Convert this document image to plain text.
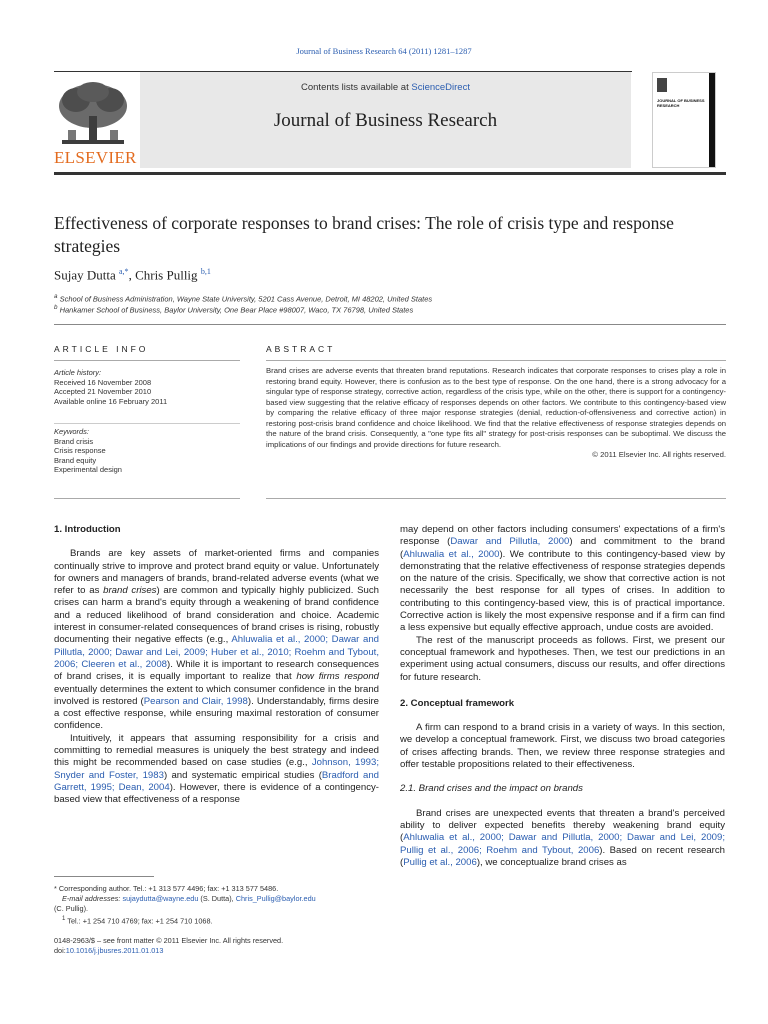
Journal of Business Research 64 (2011) 1281–1287
ELSEVIER
Contents lists available at ScienceDirect
Journal of Business Research
JOURNAL OF BUSINESS RESEARCH
Effectiveness of corporate responses to brand crises: The role of crisis type and response strategies
Sujay Dutta $^{a,*}$, Chris Pullig $^{b,1}$
$^a$ School of Business Administration, Wayne State University, 5201 Cass Avenue, Detroit, MI 48202, United States
$^b$ Hankamer School of Business, Baylor University, One Bear Place #98007, Waco, TX 76798, United States
ARTICLE INFO	ABSTRACT
Article history:
Received 16 November 2008
Accepted 21 November 2010
Available online 16 February 2011
Keywords:
Brand crisis
Crisis response
Brand equity
Experimental design
Brand crises are adverse events that threaten brand reputations. Research indicates that corporate responses to crises play a role in restoring brand equity. However, there is confusion as to the best type of response. On the one hand, there is a strong advocacy for a singular type of response strategy, corrective action, regardless of the crisis type, while on the other, there is support for a contingency-based view suggesting that the relative efficacy of responses depends on other factors. We contribute to this contingency-based view by comparing the relative efficacy of three major response strategies (denial, reduction-of-offensiveness and corrective action) in restoring post-crisis brand confidence and choice likelihood. We find that the relative effectiveness of response strategies depends on the nature of the brand crisis. Consequently, a "one type fits all" strategy for post-crisis responses can be suboptimal. We discuss the implications of our findings and provide directions for future research.
© 2011 Elsevier Inc. All rights reserved.
1. Introduction

Brands are key assets of market-oriented firms and companies continually strive to improve and protect brand equity or value. Unfortunately for owners and managers of brands, brand-related adverse events (what we refer to as brand crises) are common and typically highly publicized. Such crises can harm a brand's equity through a weakening of brand confidence and a reduced likelihood of brand consideration and choice. Academic interest in consumer-related consequences of brand crises is rising, robustly documenting their negative effects (e.g., Ahluwalia et al., 2000; Dawar and Pillutla, 2000; Dawar and Lei, 2009; Huber et al., 2010; Roehm and Tybout, 2006; Cleeren et al., 2008). While it is important to research consequences of brand crises, it is equally important to realize that how firms respond eventually determines the extent to which consumer confidence in the brand involved is restored (Pearson and Clair, 1998). Understandably, firms desire a cost effective response, while ensuring maximal restoration of consumer confidence.

Intuitively, it appears that assuming responsibility for a crisis and committing to remedial measures is uniquely the best strategy and indeed this might be recommended based on case studies (e.g., Johnson, 1993; Snyder and Foster, 1983) and systematic empirical studies (Bradford and Garrett, 1995; Dean, 2004). However, there is evidence of a contingency-based view that effectiveness of a response

may depend on other factors including consumers' expectations of a firm's response (Dawar and Pillutla, 2000) and commitment to the brand (Ahluwalia et al., 2000). We contribute to this contingency-based view by demonstrating that the relative effectiveness of response strategies depends on the nature of the crisis. Specifically, we show that corrective action is not necessarily the best response for all types of crises. In addition to contributing to this contingency-based view, this is of practical importance. Corrective action is likely the most expensive response and if a firm can find a less expensive but equally effective approach, undue costs are avoided.

The rest of the manuscript proceeds as follows. First, we present our conceptual framework and hypotheses. Then, we test our predictions in an experiment using actual consumers, discuss our results, and offer directions for future research.

2. Conceptual framework

A firm can respond to a brand crisis in a variety of ways. In this section, we develop a conceptual framework. First, we discuss two broad categories of crises affecting brands. Then, we review three response strategies and offer testable propositions related to their effectiveness.

2.1. Brand crises and the impact on brands

Brand crises are unexpected events that threaten a brand's perceived ability to deliver expected benefits thereby weakening brand equity (Ahluwalia et al., 2000; Dawar and Pillutla, 2000; Dawar and Lei, 2009; Pullig et al., 2006; Roehm and Tybout, 2006). Based on recent research (Pullig et al., 2006), we conceptualize brand crises as

* Corresponding author. Tel.: +1 313 577 4496; fax: +1 313 577 5486.
E-mail addresses: sujaydutta@wayne.edu (S. Dutta), Chris_Pullig@baylor.edu
(C. Pullig).
$^1$ Tel.: +1 254 710 4769; fax: +1 254 710 1068.
0148-2963/$ – see front matter © 2011 Elsevier Inc. All rights reserved.
doi:10.1016/j.jbusres.2011.01.013
